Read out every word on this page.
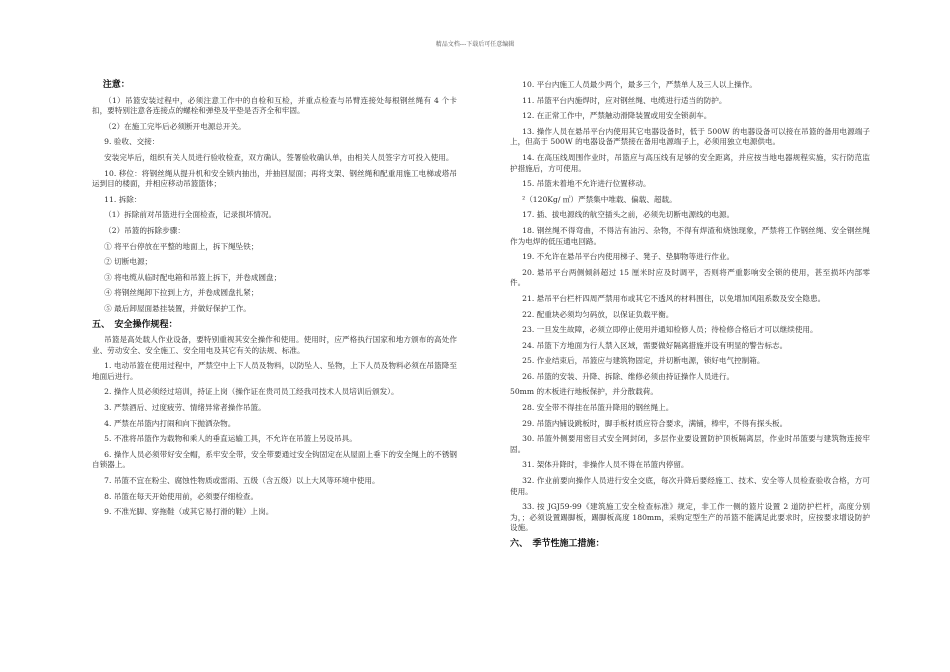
精品文档---下载后可任意编辑
注意：

（1）吊篮安装过程中，必须注意工作中的自检和互检，并重点检查与吊臂连接处每根钢丝绳有 4 个卡扣，要特别注意各连接点的螺栓和弹垫及平垫是否齐全和牢固。

（2）在施工完毕后必须断开电源总开关。

9. 验收、交接：

安装完毕后，组织有关人员进行验收检查，双方确认，签署验收确认单，由相关人员签字方可投入使用。

10. 移位：将钢丝绳从提升机和安全锁内抽出，并抽回屋面；再将支架、钢丝绳和配重用施工电梯或塔吊运到目的楼面，并相应移动吊篮篮体；

11. 拆除：

（1）拆除前对吊篮进行全面检查，记录损坏情况。

（2）吊篮的拆除步骤：

① 将平台停放在平整的地面上，拆下绳坠铁；

② 切断电源；

③ 将电缆从临时配电箱和吊篮上拆下，并卷成圆盘；

④ 将钢丝绳卸下拉到上方，并卷成圆盘扎紧；

⑤ 最后卸屋面悬挂装置，并做好保护工作。

五、　安全操作规程：

吊篮是高处载人作业设备，要特别重视其安全操作和使用。使用时，应严格执行国家和地方颁布的高处作业、劳动安全、安全施工、安全用电及其它有关的法规、标准。

1. 电动吊篮在使用过程中，严禁空中上下人员及物料，以防坠人、坠物，上下人员及物料必须在吊篮降至地面后进行。

2. 操作人员必须经过培训，持证上岗（操作证在贵司员工经我司技术人员培训后颁发）。

3. 严禁酒后、过度疲劳、情绪异常者操作吊篮。

4. 严禁在吊篮内打闹和向下抛洒杂物。

5. 不准将吊篮作为载物和乘人的垂直运输工具，不允许在吊篮上另设吊具。

6. 操作人员必须带好安全帽，系牢安全带，安全带要通过安全钩固定在从屋面上垂下的安全绳上的不锈钢自锁器上。

7. 吊篮不宜在粉尘、腐蚀性物质或雷雨、五级（含五级）以上大风等环境中使用。

8. 吊篮在每天开始使用前，必须要仔细检查。

9. 不准光脚、穿拖鞋（或其它易打滑的鞋）上岗。

10. 平台内施工人员最少两个，最多三个，严禁单人及三人以上操作。

11. 吊篮平台内施焊时，应对钢丝绳、电缆进行适当的防护。

12. 在正常工作中，严禁触动滑降装置或用安全锁刹车。

13. 操作人员在悬吊平台内使用其它电器设备时，低于 500W 的电器设备可以接在吊篮的备用电源端子上，但高于 500W 的电器设备严禁接在备用电源端子上，必须用独立电源供电。

14. 在高压线周围作业时，吊篮应与高压线有足够的安全距离，并应按当地电器规程实施，实行防范监护措施后，方可使用。

15. 吊篮未着地不允许进行位置移动。

²（120Kg/ ㎡）严禁集中堆载、偏载、超载。

17. 插、拔电源线的航空插头之前，必须先切断电源线的电源。

18. 钢丝绳不得弯曲，不得沾有油污、杂物，不得有焊渣和烧蚀现象，严禁将工作钢丝绳、安全钢丝绳作为电焊的低压通电回路。

19. 不允许在悬吊平台内使用梯子、凳子、垫脚物等进行作业。

20. 悬吊平台两侧倾斜超过 15 厘米时应及时调平，否则将严重影响安全锁的使用，甚至损坏内部零件。

21. 悬吊平台栏杆四周严禁用布或其它不透风的材料围住，以免增加风阻系数及安全隐患。

22. 配重块必须均匀码放，以保证负载平衡。

23. 一旦发生故障，必须立即停止使用并通知检修人员；待检修合格后才可以继续使用。

24. 吊篮下方地面为行人禁入区域，需要做好隔离措施并设有明显的警告标志。

25. 作业结束后，吊篮应与建筑物固定，并切断电源，锁好电气控制箱。

26. 吊篮的安装、升降、拆除、维修必须由持证操作人员进行。

50mm 的木板进行地板保护，并分散载荷。

28. 安全带不得挂在吊篮升降用的钢丝绳上。

29. 吊篮内铺设跳板时，脚手板材质应符合要求，满铺，棒牢，不得有探头板。

30. 吊篮外侧要用密目式安全网封闭，多层作业要设置防护顶板隔离层，作业时吊篮要与建筑物连接牢固。

31. 架体升降时，非操作人员不得在吊篮内停留。

32. 作业前要向操作人员进行安全交底，每次升降后要经施工、技术、安全等人员检查验收合格，方可使用。

33. 按 JGJ59-99《建筑施工安全检查标准》规定，非工作一侧的篮片设置 2 道防护栏杆，高度分别为，；必须设置踢脚板，踢脚板高度 180mm，采购定型生产的吊篮不能满足此要求时，应按要求增设防护设施。

六、　季节性施工措施：
